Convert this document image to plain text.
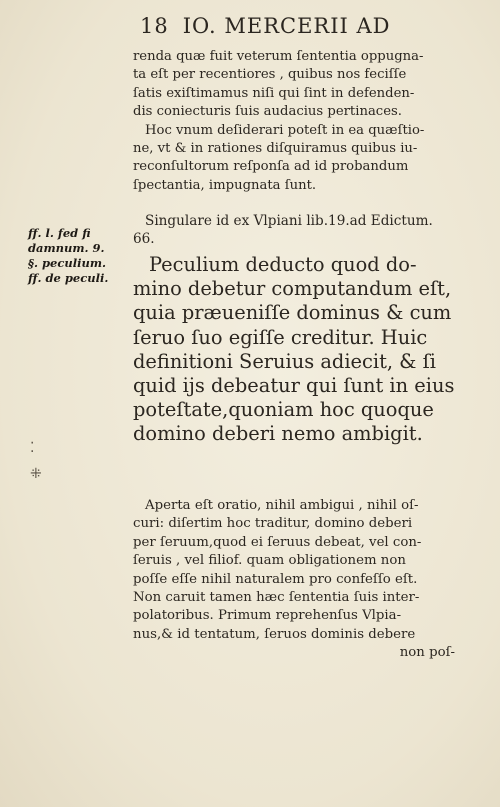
18 IO. MERCERII AD
renda quæ fuit veterum ſententia oppugna-
ta eſt per recentiores , quibus nos feciſſe
ſatis exiſtimamus niſi qui ſint in defenden-
dis coniecturis ſuis audacius pertinaces.
Hoc vnum deſiderari poteſt in ea quæſtio-
ne, vt & in rationes diſquiramus quibus iu-
reconſultorum reſponſa ad id probandum
ſpectantia, impugnata ſunt.
Singulare id ex Vlpiani lib.19.ad Edictum.
66.
ff. l. fed fi
damnum. 9.
§. peculium.
ff. de peculi.
Peculium deducto quod do-
mino debetur computandum eſt,
quia præueniſſe dominus & cum
ſeruo ſuo egiſſe creditur. Huic
definitioni Seruius adiecit, & ſi
quid ijs debeatur qui ſunt in eius
poteſtate,quoniam hoc quoque
domino deberi nemo ambigit.
Aperta eſt oratio, nihil ambigui , nihil oſ-
curi: diſertim hoc traditur, domino deberi
per ſeruum,quod ei ſeruus debeat, vel con-
ſeruis , vel filiof. quam obligationem non
poſſe eſſe nihil naturalem pro confeſſo eſt.
Non caruit tamen hæc ſententia ſuis inter-
polatoribus. Primum reprehenſus Vlpia-
nus,& id tentatum, ſeruos dominis debere
non poſ-
⁚
⁜
